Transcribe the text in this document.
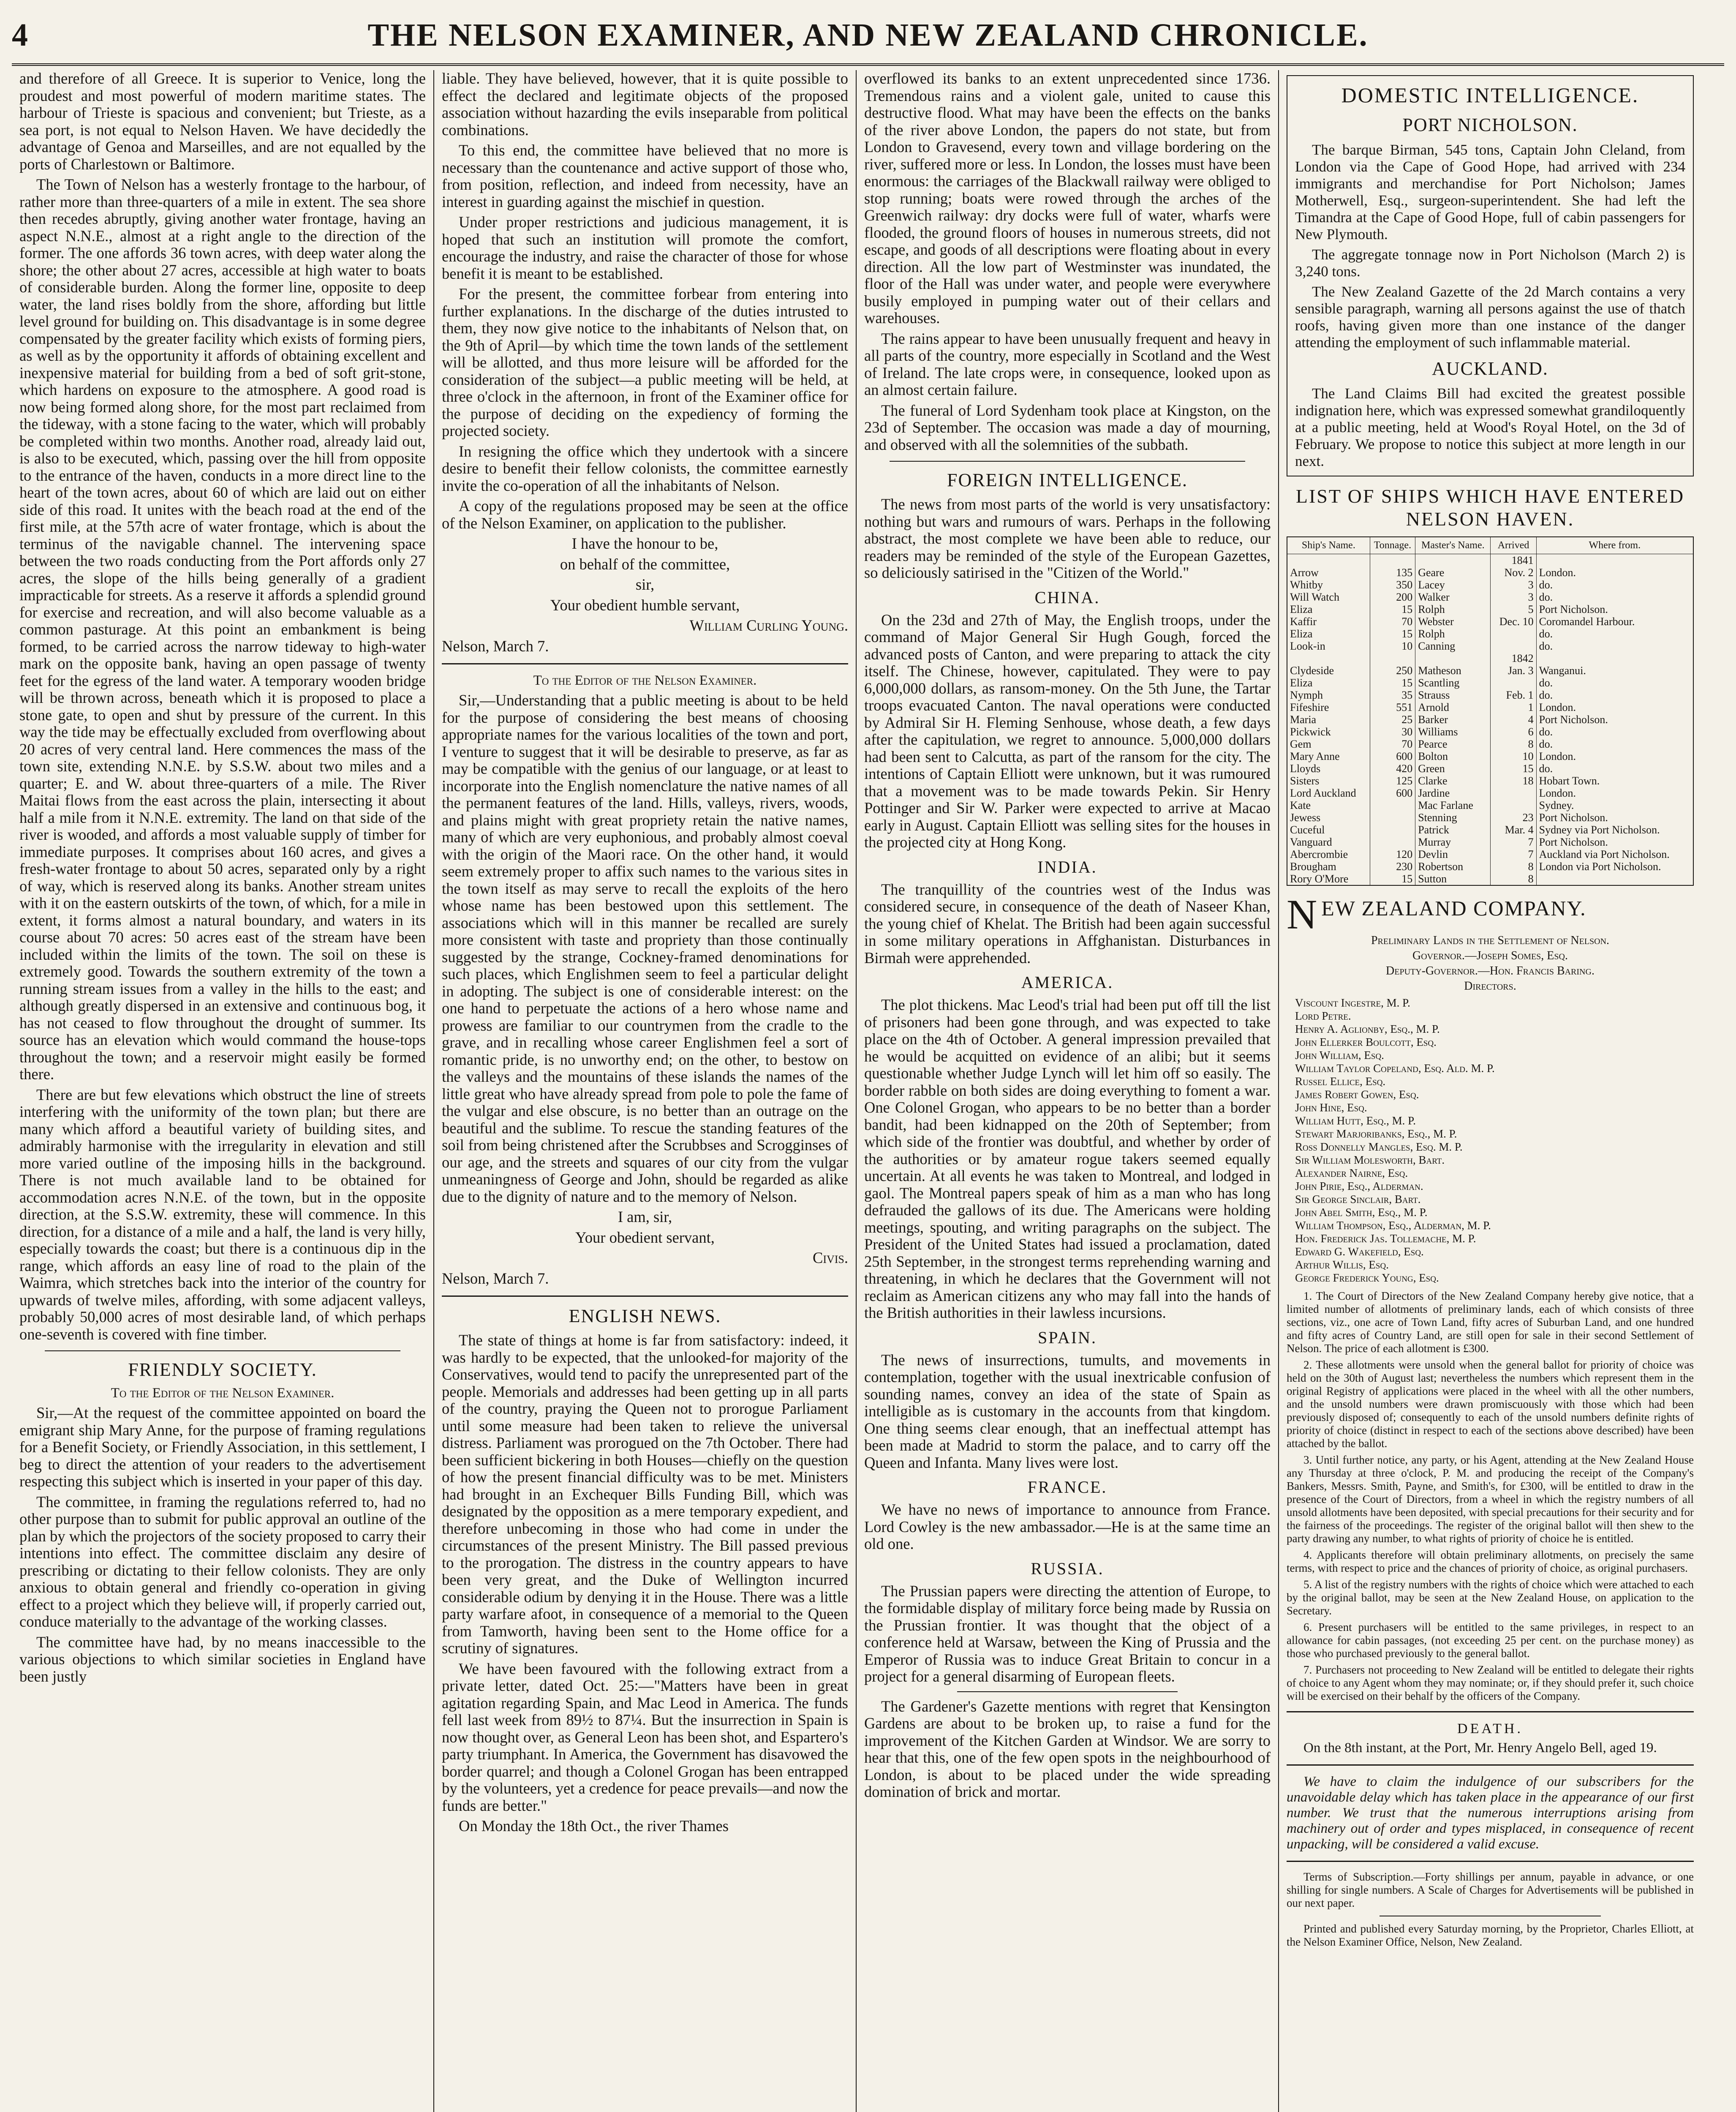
4	THE NELSON EXAMINER, AND NEW ZEALAND CHRONICLE.

and therefore of all Greece. It is superior to Venice, long the proudest and most powerful of modern maritime states. The harbour of Trieste is spacious and convenient; but Trieste, as a sea port, is not equal to Nelson Haven. We have decidedly the advantage of Genoa and Marseilles, and are not equalled by the ports of Charlestown or Baltimore.

The Town of Nelson has a westerly frontage to the harbour, of rather more than three-quarters of a mile in extent. The sea shore then recedes abruptly, giving another water frontage, having an aspect N.N.E., almost at a right angle to the direction of the former. The one affords 36 town acres, with deep water along the shore; the other about 27 acres, accessible at high water to boats of considerable burden. Along the former line, opposite to deep water, the land rises boldly from the shore, affording but little level ground for building on. This disadvantage is in some degree compensated by the greater facility which exists of forming piers, as well as by the opportunity it affords of obtaining excellent and inexpensive material for building from a bed of soft grit-stone, which hardens on exposure to the atmosphere. A good road is now being formed along shore, for the most part reclaimed from the tideway, with a stone facing to the water, which will probably be completed within two months. Another road, already laid out, is also to be executed, which, passing over the hill from opposite to the entrance of the haven, conducts in a more direct line to the heart of the town acres, about 60 of which are laid out on either side of this road. It unites with the beach road at the end of the first mile, at the 57th acre of water frontage, which is about the terminus of the navigable channel. The intervening space between the two roads conducting from the Port affords only 27 acres, the slope of the hills being generally of a gradient impracticable for streets. As a reserve it affords a splendid ground for exercise and recreation, and will also become valuable as a common pasturage. At this point an embankment is being formed, to be carried across the narrow tideway to high-water mark on the opposite bank, having an open passage of twenty feet for the egress of the land water. A temporary wooden bridge will be thrown across, beneath which it is proposed to place a stone gate, to open and shut by pressure of the current. In this way the tide may be effectually excluded from overflowing about 20 acres of very central land. Here commences the mass of the town site, extending N.N.E. by S.S.W. about two miles and a quarter; E. and W. about three-quarters of a mile. The River Maitai flows from the east across the plain, intersecting it about half a mile from it N.N.E. extremity. The land on that side of the river is wooded, and affords a most valuable supply of timber for immediate purposes. It comprises about 160 acres, and gives a fresh-water frontage to about 50 acres, separated only by a right of way, which is reserved along its banks. Another stream unites with it on the eastern outskirts of the town, of which, for a mile in extent, it forms almost a natural boundary, and waters in its course about 70 acres: 50 acres east of the stream have been included within the limits of the town. The soil on these is extremely good. Towards the southern extremity of the town a running stream issues from a valley in the hills to the east; and although greatly dispersed in an extensive and continuous bog, it has not ceased to flow throughout the drought of summer. Its source has an elevation which would command the house-tops throughout the town; and a reservoir might easily be formed there.

There are but few elevations which obstruct the line of streets interfering with the uniformity of the town plan; but there are many which afford a beautiful variety of building sites, and admirably harmonise with the irregularity in elevation and still more varied outline of the imposing hills in the background. There is not much available land to be obtained for accommodation acres N.N.E. of the town, but in the opposite direction, at the S.S.W. extremity, these will commence. In this direction, for a distance of a mile and a half, the land is very hilly, especially towards the coast; but there is a continuous dip in the range, which affords an easy line of road to the plain of the Waimra, which stretches back into the interior of the country for upwards of twelve miles, affording, with some adjacent valleys, probably 50,000 acres of most desirable land, of which perhaps one-seventh is covered with fine timber.

FRIENDLY SOCIETY.

To the Editor of the Nelson Examiner.

Sir,—At the request of the committee appointed on board the emigrant ship Mary Anne, for the purpose of framing regulations for a Benefit Society, or Friendly Association, in this settlement, I beg to direct the attention of your readers to the advertisement respecting this subject which is inserted in your paper of this day.

The committee, in framing the regulations referred to, had no other purpose than to submit for public approval an outline of the plan by which the projectors of the society proposed to carry their intentions into effect. The committee disclaim any desire of prescribing or dictating to their fellow colonists. They are only anxious to obtain general and friendly co-operation in giving effect to a project which they believe will, if properly carried out, conduce materially to the advantage of the working classes.

The committee have had, by no means inaccessible to the various objections to which similar societies in England have been justly

liable. They have believed, however, that it is quite possible to effect the declared and legitimate objects of the proposed association without hazarding the evils inseparable from political combinations.

To this end, the committee have believed that no more is necessary than the countenance and active support of those who, from position, reflection, and indeed from necessity, have an interest in guarding against the mischief in question.

Under proper restrictions and judicious management, it is hoped that such an institution will promote the comfort, encourage the industry, and raise the character of those for whose benefit it is meant to be established.

For the present, the committee forbear from entering into further explanations. In the discharge of the duties intrusted to them, they now give notice to the inhabitants of Nelson that, on the 9th of April—by which time the town lands of the settlement will be allotted, and thus more leisure will be afforded for the consideration of the subject—a public meeting will be held, at three o'clock in the afternoon, in front of the Examiner office for the purpose of deciding on the expediency of forming the projected society.

In resigning the office which they undertook with a sincere desire to benefit their fellow colonists, the committee earnestly invite the co-operation of all the inhabitants of Nelson.

A copy of the regulations proposed may be seen at the office of the Nelson Examiner, on application to the publisher.

I have the honour to be,

on behalf of the committee,

sir,

Your obedient humble servant,

William Curling Young.

Nelson, March 7.

To the Editor of the Nelson Examiner.

Sir,—Understanding that a public meeting is about to be held for the purpose of considering the best means of choosing appropriate names for the various localities of the town and port, I venture to suggest that it will be desirable to preserve, as far as may be compatible with the genius of our language, or at least to incorporate into the English nomenclature the native names of all the permanent features of the land. Hills, valleys, rivers, woods, and plains might with great propriety retain the native names, many of which are very euphonious, and probably almost coeval with the origin of the Maori race. On the other hand, it would seem extremely proper to affix such names to the various sites in the town itself as may serve to recall the exploits of the hero whose name has been bestowed upon this settlement. The associations which will in this manner be recalled are surely more consistent with taste and propriety than those continually suggested by the strange, Cockney-framed denominations for such places, which Englishmen seem to feel a particular delight in adopting. The subject is one of considerable interest: on the one hand to perpetuate the actions of a hero whose name and prowess are familiar to our countrymen from the cradle to the grave, and in recalling whose career Englishmen feel a sort of romantic pride, is no unworthy end; on the other, to bestow on the valleys and the mountains of these islands the names of the little great who have already spread from pole to pole the fame of the vulgar and else obscure, is no better than an outrage on the beautiful and the sublime. To rescue the standing features of the soil from being christened after the Scrubbses and Scrogginses of our age, and the streets and squares of our city from the vulgar unmeaningness of George and John, should be regarded as alike due to the dignity of nature and to the memory of Nelson.

I am, sir,

Your obedient servant,

Civis.

Nelson, March 7.

ENGLISH NEWS.

The state of things at home is far from satisfactory: indeed, it was hardly to be expected, that the unlooked-for majority of the Conservatives, would tend to pacify the unrepresented part of the people. Memorials and addresses had been getting up in all parts of the country, praying the Queen not to prorogue Parliament until some measure had been taken to relieve the universal distress. Parliament was prorogued on the 7th October. There had been sufficient bickering in both Houses—chiefly on the question of how the present financial difficulty was to be met. Ministers had brought in an Exchequer Bills Funding Bill, which was designated by the opposition as a mere temporary expedient, and therefore unbecoming in those who had come in under the circumstances of the present Ministry. The Bill passed previous to the prorogation. The distress in the country appears to have been very great, and the Duke of Wellington incurred considerable odium by denying it in the House. There was a little party warfare afoot, in consequence of a memorial to the Queen from Tamworth, having been sent to the Home office for a scrutiny of signatures.

We have been favoured with the following extract from a private letter, dated Oct. 25:—"Matters have been in great agitation regarding Spain, and Mac Leod in America. The funds fell last week from 89½ to 87¼. But the insurrection in Spain is now thought over, as General Leon has been shot, and Espartero's party triumphant. In America, the Government has disavowed the border quarrel; and though a Colonel Grogan has been entrapped by the volunteers, yet a credence for peace prevails—and now the funds are better."

On Monday the 18th Oct., the river Thames

overflowed its banks to an extent unprecedented since 1736. Tremendous rains and a violent gale, united to cause this destructive flood. What may have been the effects on the banks of the river above London, the papers do not state, but from London to Gravesend, every town and village bordering on the river, suffered more or less. In London, the losses must have been enormous: the carriages of the Blackwall railway were obliged to stop running; boats were rowed through the arches of the Greenwich railway: dry docks were full of water, wharfs were flooded, the ground floors of houses in numerous streets, did not escape, and goods of all descriptions were floating about in every direction. All the low part of Westminster was inundated, the floor of the Hall was under water, and people were everywhere busily employed in pumping water out of their cellars and warehouses.

The rains appear to have been unusually frequent and heavy in all parts of the country, more especially in Scotland and the West of Ireland. The late crops were, in consequence, looked upon as an almost certain failure.

The funeral of Lord Sydenham took place at Kingston, on the 23d of September. The occasion was made a day of mourning, and observed with all the solemnities of the subbath.

FOREIGN INTELLIGENCE.

The news from most parts of the world is very unsatisfactory: nothing but wars and rumours of wars. Perhaps in the following abstract, the most complete we have been able to reduce, our readers may be reminded of the style of the European Gazettes, so deliciously satirised in the "Citizen of the World."

CHINA.

On the 23d and 27th of May, the English troops, under the command of Major General Sir Hugh Gough, forced the advanced posts of Canton, and were preparing to attack the city itself. The Chinese, however, capitulated. They were to pay 6,000,000 dollars, as ransom-money. On the 5th June, the Tartar troops evacuated Canton. The naval operations were conducted by Admiral Sir H. Fleming Senhouse, whose death, a few days after the capitulation, we regret to announce. 5,000,000 dollars had been sent to Calcutta, as part of the ransom for the city. The intentions of Captain Elliott were unknown, but it was rumoured that a movement was to be made towards Pekin. Sir Henry Pottinger and Sir W. Parker were expected to arrive at Macao early in August. Captain Elliott was selling sites for the houses in the projected city at Hong Kong.

INDIA.

The tranquillity of the countries west of the Indus was considered secure, in consequence of the death of Naseer Khan, the young chief of Khelat. The British had been again successful in some military operations in Affghanistan. Disturbances in Birmah were apprehended.

AMERICA.

The plot thickens. Mac Leod's trial had been put off till the list of prisoners had been gone through, and was expected to take place on the 4th of October. A general impression prevailed that he would be acquitted on evidence of an alibi; but it seems questionable whether Judge Lynch will let him off so easily. The border rabble on both sides are doing everything to foment a war. One Colonel Grogan, who appears to be no better than a border bandit, had been kidnapped on the 20th of September; from which side of the frontier was doubtful, and whether by order of the authorities or by amateur rogue takers seemed equally uncertain. At all events he was taken to Montreal, and lodged in gaol. The Montreal papers speak of him as a man who has long defrauded the gallows of its due. The Americans were holding meetings, spouting, and writing paragraphs on the subject. The President of the United States had issued a proclamation, dated 25th September, in the strongest terms reprehending warning and threatening, in which he declares that the Government will not reclaim as American citizens any who may fall into the hands of the British authorities in their lawless incursions.

SPAIN.

The news of insurrections, tumults, and movements in contemplation, together with the usual inextricable confusion of sounding names, convey an idea of the state of Spain as intelligible as is customary in the accounts from that kingdom. One thing seems clear enough, that an ineffectual attempt has been made at Madrid to storm the palace, and to carry off the Queen and Infanta. Many lives were lost.

FRANCE.

We have no news of importance to announce from France. Lord Cowley is the new ambassador.—He is at the same time an old one.

RUSSIA.

The Prussian papers were directing the attention of Europe, to the formidable display of military force being made by Russia on the Prussian frontier. It was thought that the object of a conference held at Warsaw, between the King of Prussia and the Emperor of Russia was to induce Great Britain to concur in a project for a general disarming of European fleets.

The Gardener's Gazette mentions with regret that Kensington Gardens are about to be broken up, to raise a fund for the improvement of the Kitchen Garden at Windsor. We are sorry to hear that this, one of the few open spots in the neighbourhood of London, is about to be placed under the wide spreading domination of brick and mortar.

DOMESTIC INTELLIGENCE.
PORT NICHOLSON.

The barque Birman, 545 tons, Captain John Cleland, from London via the Cape of Good Hope, had arrived with 234 immigrants and merchandise for Port Nicholson; James Motherwell, Esq., surgeon-superintendent. She had left the Timandra at the Cape of Good Hope, full of cabin passengers for New Plymouth.

The aggregate tonnage now in Port Nicholson (March 2) is 3,240 tons.

The New Zealand Gazette of the 2d March contains a very sensible paragraph, warning all persons against the use of thatch roofs, having given more than one instance of the danger attending the employment of such inflammable material.

AUCKLAND.

The Land Claims Bill had excited the greatest possible indignation here, which was expressed somewhat grandiloquently at a public meeting, held at Wood's Royal Hotel, on the 3d of February. We propose to notice this subject at more length in our next.

LIST OF SHIPS WHICH HAVE ENTERED NELSON HAVEN.
Ship's Name.	Tonnage.	Master's Name.	Arrived	Where from.
			1841	
Arrow	135	Geare	Nov. 2	London.
Whitby	350	Lacey	3	do.
Will Watch	200	Walker	3	do.
Eliza	15	Rolph	5	Port Nicholson.
Kaffir	70	Webster	Dec. 10	Coromandel Harbour.
Eliza	15	Rolph		do.
Look-in	10	Canning		do.
			1842	
Clydeside	250	Matheson	Jan. 3	Wanganui.
Eliza	15	Scantling		do.
Nymph	35	Strauss	Feb. 1	do.
Fifeshire	551	Arnold	1	London.
Maria	25	Barker	4	Port Nicholson.
Pickwick	30	Williams	6	do.
Gem	70	Pearce	8	do.
Mary Anne	600	Bolton	10	London.
Lloyds	420	Green	15	do.
Sisters	125	Clarke	18	Hobart Town.
Lord Auckland	600	Jardine		London.
Kate		Mac Farlane		Sydney.
Jewess		Stenning	23	Port Nicholson.
Cuceful		Patrick	Mar. 4	Sydney via Port Nicholson.
Vanguard		Murray	7	Port Nicholson.
Abercrombie	120	Devlin	7	Auckland via Port Nicholson.
Brougham	230	Robertson	8	London via Port Nicholson.
Rory O'More	15	Sutton	8	
NEW ZEALAND COMPANY.
Preliminary Lands in the Settlement of Nelson.
Governor.—Joseph Somes, Esq.
Deputy-Governor.—Hon. Francis Baring.
Directors.
Viscount Ingestre, M. P.
Lord Petre.
Henry A. Aglionby, Esq., M. P.
John Ellerker Boulcott, Esq.
John William, Esq.
William Taylor Copeland, Esq. Ald. M. P.
Russel Ellice, Esq.
James Robert Gowen, Esq.
John Hine, Esq.
William Hutt, Esq., M. P.
Stewart Marjoribanks, Esq., M. P.
Ross Donnelly Mangles, Esq. M. P.
Sir William Molesworth, Bart.
Alexander Nairne, Esq.
John Pirie, Esq., Alderman.
Sir George Sinclair, Bart.
John Abel Smith, Esq., M. P.
William Thompson, Esq., Alderman, M. P.
Hon. Frederick Jas. Tollemache, M. P.
Edward G. Wakefield, Esq.
Arthur Willis, Esq.
George Frederick Young, Esq.

1. The Court of Directors of the New Zealand Company hereby give notice, that a limited number of allotments of preliminary lands, each of which consists of three sections, viz., one acre of Town Land, fifty acres of Suburban Land, and one hundred and fifty acres of Country Land, are still open for sale in their second Settlement of Nelson. The price of each allotment is £300.

2. These allotments were unsold when the general ballot for priority of choice was held on the 30th of August last; nevertheless the numbers which represent them in the original Registry of applications were placed in the wheel with all the other numbers, and the unsold numbers were drawn promiscuously with those which had been previously disposed of; consequently to each of the unsold numbers definite rights of priority of choice (distinct in respect to each of the sections above described) have been attached by the ballot.

3. Until further notice, any party, or his Agent, attending at the New Zealand House any Thursday at three o'clock, P. M. and producing the receipt of the Company's Bankers, Messrs. Smith, Payne, and Smith's, for £300, will be entitled to draw in the presence of the Court of Directors, from a wheel in which the registry numbers of all unsold allotments have been deposited, with special precautions for their security and for the fairness of the proceedings. The register of the original ballot will then shew to the party drawing any number, to what rights of priority of choice he is entitled.

4. Applicants therefore will obtain preliminary allotments, on precisely the same terms, with respect to price and the chances of priority of choice, as original purchasers.

5. A list of the registry numbers with the rights of choice which were attached to each by the original ballot, may be seen at the New Zealand House, on application to the Secretary.

6. Present purchasers will be entitled to the same privileges, in respect to an allowance for cabin passages, (not exceeding 25 per cent. on the purchase money) as those who purchased previously to the general ballot.

7. Purchasers not proceeding to New Zealand will be entitled to delegate their rights of choice to any Agent whom they may nominate; or, if they should prefer it, such choice will be exercised on their behalf by the officers of the Company.

DEATH.

On the 8th instant, at the Port, Mr. Henry Angelo Bell, aged 19.

We have to claim the indulgence of our subscribers for the unavoidable delay which has taken place in the appearance of our first number. We trust that the numerous interruptions arising from machinery out of order and types misplaced, in consequence of recent unpacking, will be considered a valid excuse.

Terms of Subscription.—Forty shillings per annum, payable in advance, or one shilling for single numbers. A Scale of Charges for Advertisements will be published in our next paper.

Printed and published every Saturday morning, by the Proprietor, Charles Elliott, at the Nelson Examiner Office, Nelson, New Zealand.
